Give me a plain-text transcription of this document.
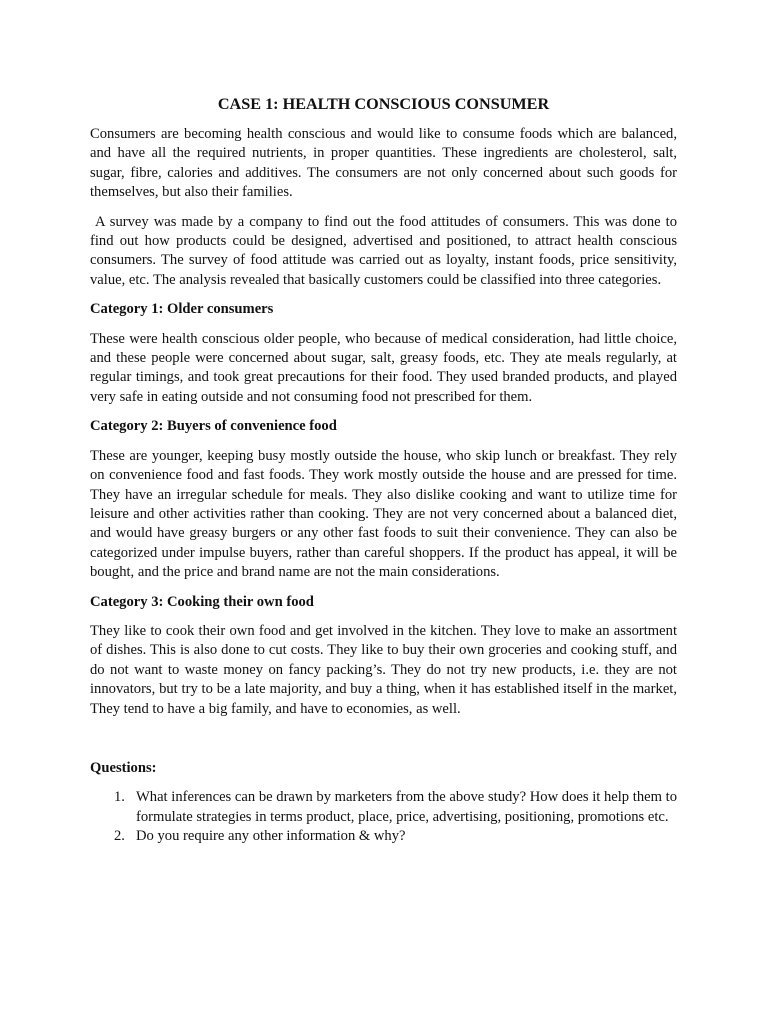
CASE 1: HEALTH CONSCIOUS CONSUMER

Consumers are becoming health conscious and would like to consume foods which are balanced, and have all the required nutrients, in proper quantities. These ingredients are cholesterol, salt, sugar, fibre, calories and additives. The consumers are not only concerned about such goods for themselves, but also their families.

A survey was made by a company to find out the food attitudes of consumers. This was done to find out how products could be designed, advertised and positioned, to attract health conscious consumers. The survey of food attitude was carried out as loyalty, instant foods, price sensitivity, value, etc. The analysis revealed that basically customers could be classified into three categories.

Category 1: Older consumers

These were health conscious older people, who because of medical consideration, had little choice, and these people were concerned about sugar, salt, greasy foods, etc. They ate meals regularly, at regular timings, and took great precautions for their food. They used branded products, and played very safe in eating outside and not consuming food not prescribed for them.

Category 2: Buyers of convenience food

These are younger, keeping busy mostly outside the house, who skip lunch or breakfast. They rely on convenience food and fast foods. They work mostly outside the house and are pressed for time. They have an irregular schedule for meals. They also dislike cooking and want to utilize time for leisure and other activities rather than cooking. They are not very concerned about a balanced diet, and would have greasy burgers or any other fast foods to suit their convenience. They can also be categorized under impulse buyers, rather than careful shoppers. If the product has appeal, it will be bought, and the price and brand name are not the main considerations.

Category 3: Cooking their own food

They like to cook their own food and get involved in the kitchen. They love to make an assortment of dishes. This is also done to cut costs. They like to buy their own groceries and cooking stuff, and do not want to waste money on fancy packing’s. They do not try new products, i.e. they are not innovators, but try to be a late majority, and buy a thing, when it has established itself in the market, They tend to have a big family, and have to economies, as well.

Questions:
1. What inferences can be drawn by marketers from the above study? How does it help them to formulate strategies in terms product, place, price, advertising, positioning, promotions etc.
2. Do you require any other information & why?
